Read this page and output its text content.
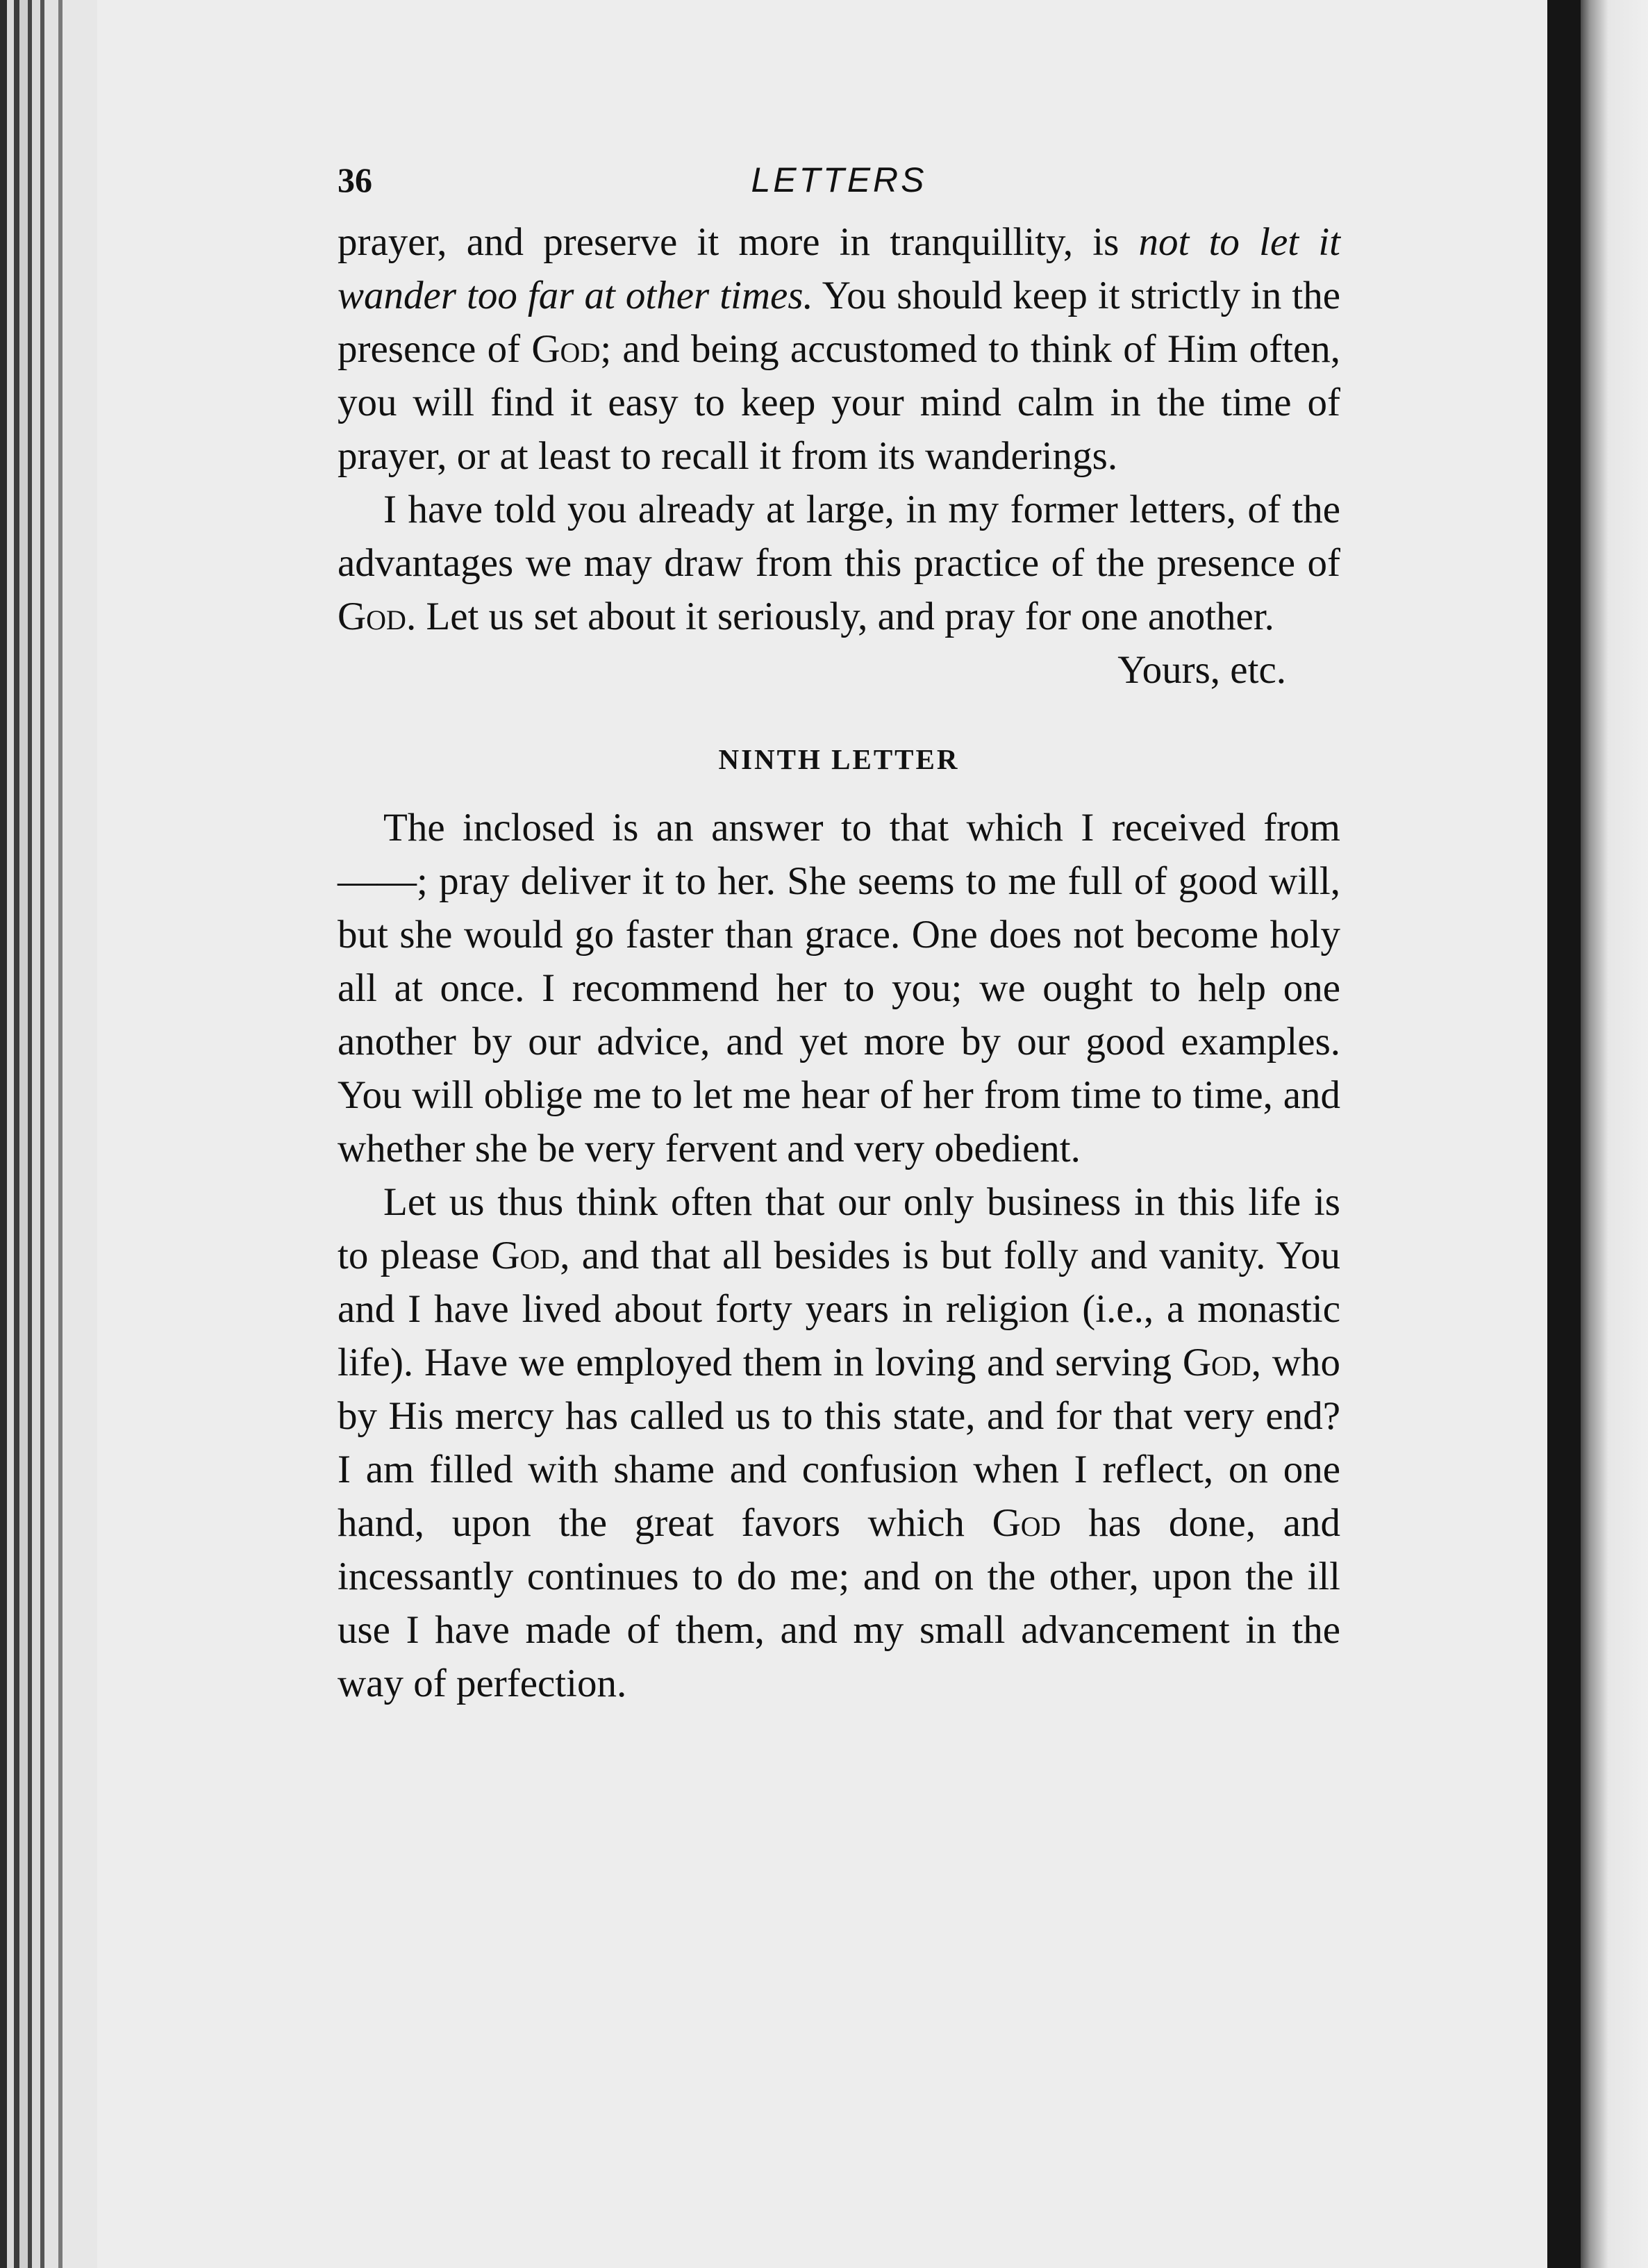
36	LETTERS

prayer, and preserve it more in tranquillity, is not to let it wander too far at other times. You should keep it strictly in the presence of God; and being accustomed to think of Him often, you will find it easy to keep your mind calm in the time of prayer, or at least to recall it from its wanderings.

I have told you already at large, in my former letters, of the advantages we may draw from this practice of the presence of God. Let us set about it seriously, and pray for one another.

Yours, etc.
NINTH LETTER

The inclosed is an answer to that which I received from ——; pray deliver it to her. She seems to me full of good will, but she would go faster than grace. One does not become holy all at once. I recommend her to you; we ought to help one another by our advice, and yet more by our good examples. You will oblige me to let me hear of her from time to time, and whether she be very fervent and very obedient.

Let us thus think often that our only business in this life is to please God, and that all besides is but folly and vanity. You and I have lived about forty years in religion (i.e., a monastic life). Have we employed them in loving and serving God, who by His mercy has called us to this state, and for that very end? I am filled with shame and confusion when I reflect, on one hand, upon the great favors which God has done, and incessantly continues to do me; and on the other, upon the ill use I have made of them, and my small advancement in the way of perfection.
